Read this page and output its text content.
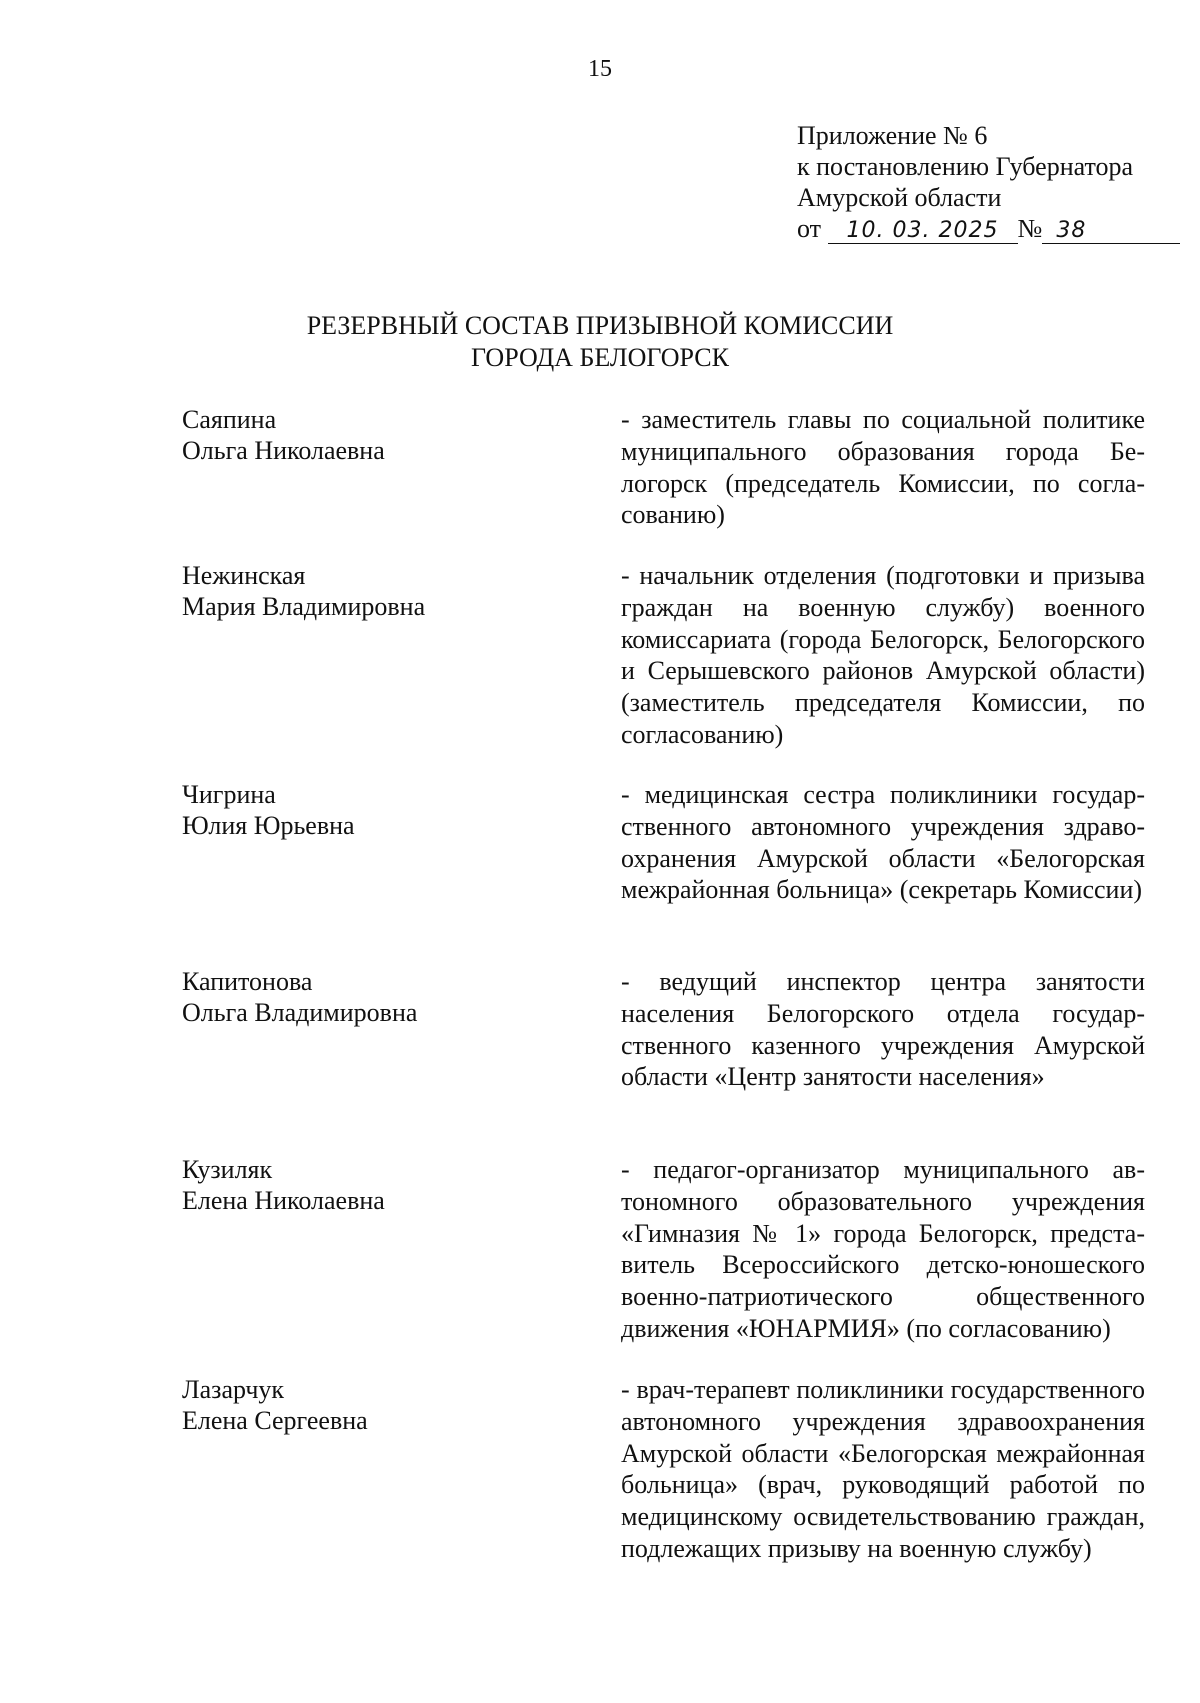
15
Приложение № 6
к постановлению Губернатора
Амурской области
от 10. 03. 2025 № 38
РЕЗЕРВНЫЙ СОСТАВ ПРИЗЫВНОЙ КОМИССИИ
ГОРОДА БЕЛОГОРСК
Саяпина
Ольга Николаевна
- заместитель главы по социальной политике муниципального образования города Белогорск (председатель Комиссии, по согласованию)
Нежинская
Мария Владимировна
- начальник отделения (подготовки и призыва граждан на военную службу) военного комиссариата (города Белогорск, Белогорского и Серышевского районов Амурской области) (заместитель председателя Комиссии, по согласованию)
Чигрина
Юлия Юрьевна
- медицинская сестра поликлиники государственного автономного учреждения здравоохранения Амурской области «Белогорская межрайонная больница» (секретарь Комиссии)
Капитонова
Ольга Владимировна
- ведущий инспектор центра занятости населения Белогорского отдела государственного казенного учреждения Амурской области «Центр занятости населения»
Кузиляк
Елена Николаевна
- педагог-организатор муниципального автономного образовательного учреждения «Гимназия № 1» города Белогорск, представитель Всероссийского детско-юношеского военно-патриотического общественного движения «ЮНАРМИЯ» (по согласованию)
Лазарчук
Елена Сергеевна
- врач-терапевт поликлиники государственного автономного учреждения здравоохранения Амурской области «Белогорская межрайонная больница» (врач, руководящий работой по медицинскому освидетельствованию граждан, подлежащих призыву на военную службу)
